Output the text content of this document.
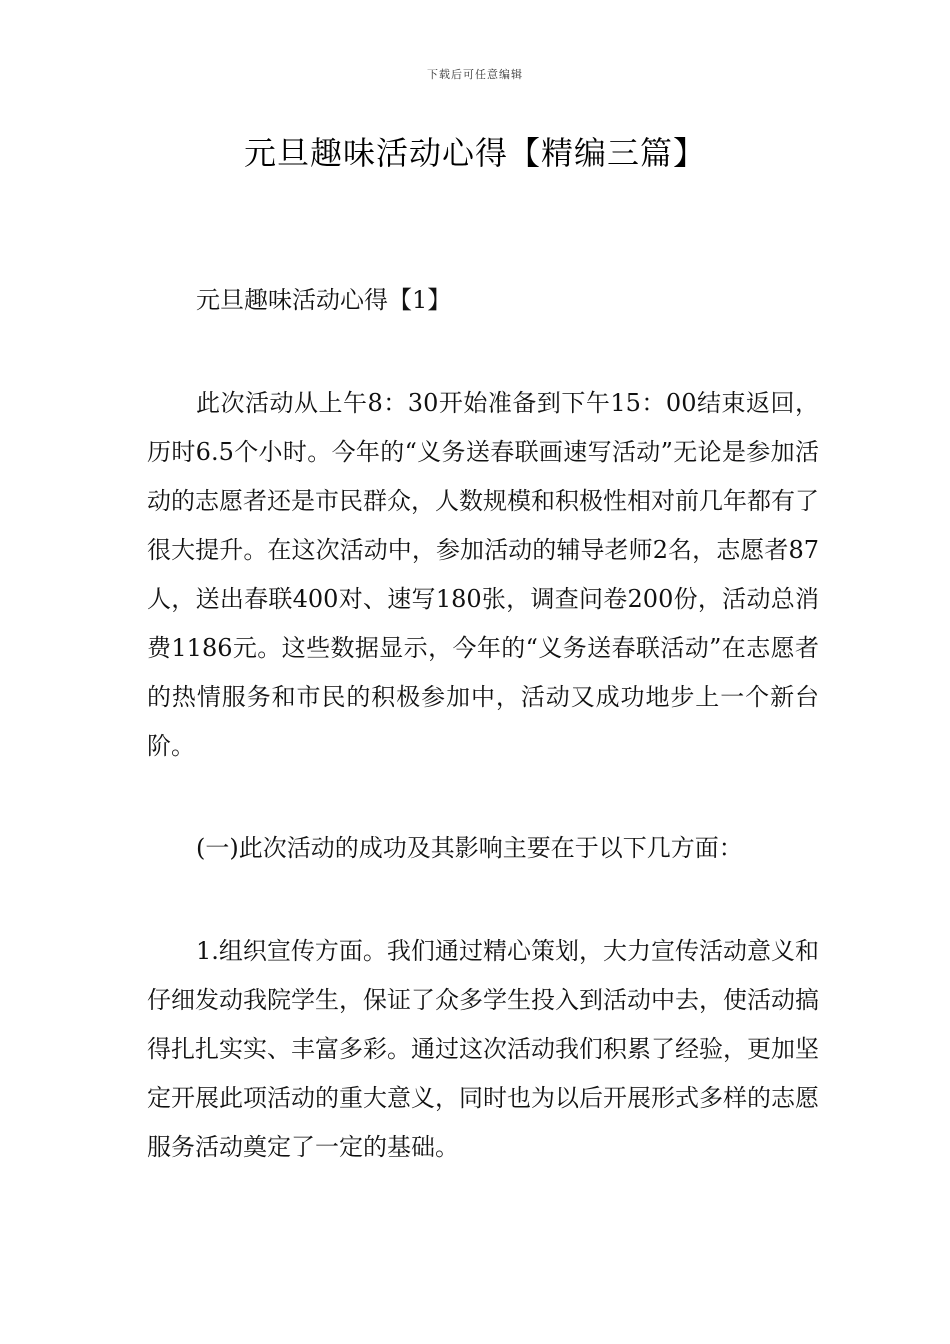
下载后可任意编辑
元旦趣味活动心得【精编三篇】
元旦趣味活动心得【1】

此次活动从上午8：30开始准备到下午15：00结束返回，历时6.5个小时。今年的“义务送春联画速写活动”无论是参加活动的志愿者还是市民群众，人数规模和积极性相对前几年都有了很大提升。在这次活动中，参加活动的辅导老师2名，志愿者87人，送出春联400对、速写180张，调查问卷200份，活动总消费1186元。这些数据显示，今年的“义务送春联活动”在志愿者的热情服务和市民的积极参加中，活动又成功地步上一个新台阶。

(一)此次活动的成功及其影响主要在于以下几方面：

1.组织宣传方面。我们通过精心策划，大力宣传活动意义和仔细发动我院学生，保证了众多学生投入到活动中去，使活动搞得扎扎实实、丰富多彩。通过这次活动我们积累了经验，更加坚定开展此项活动的重大意义，同时也为以后开展形式多样的志愿服务活动奠定了一定的基础。
